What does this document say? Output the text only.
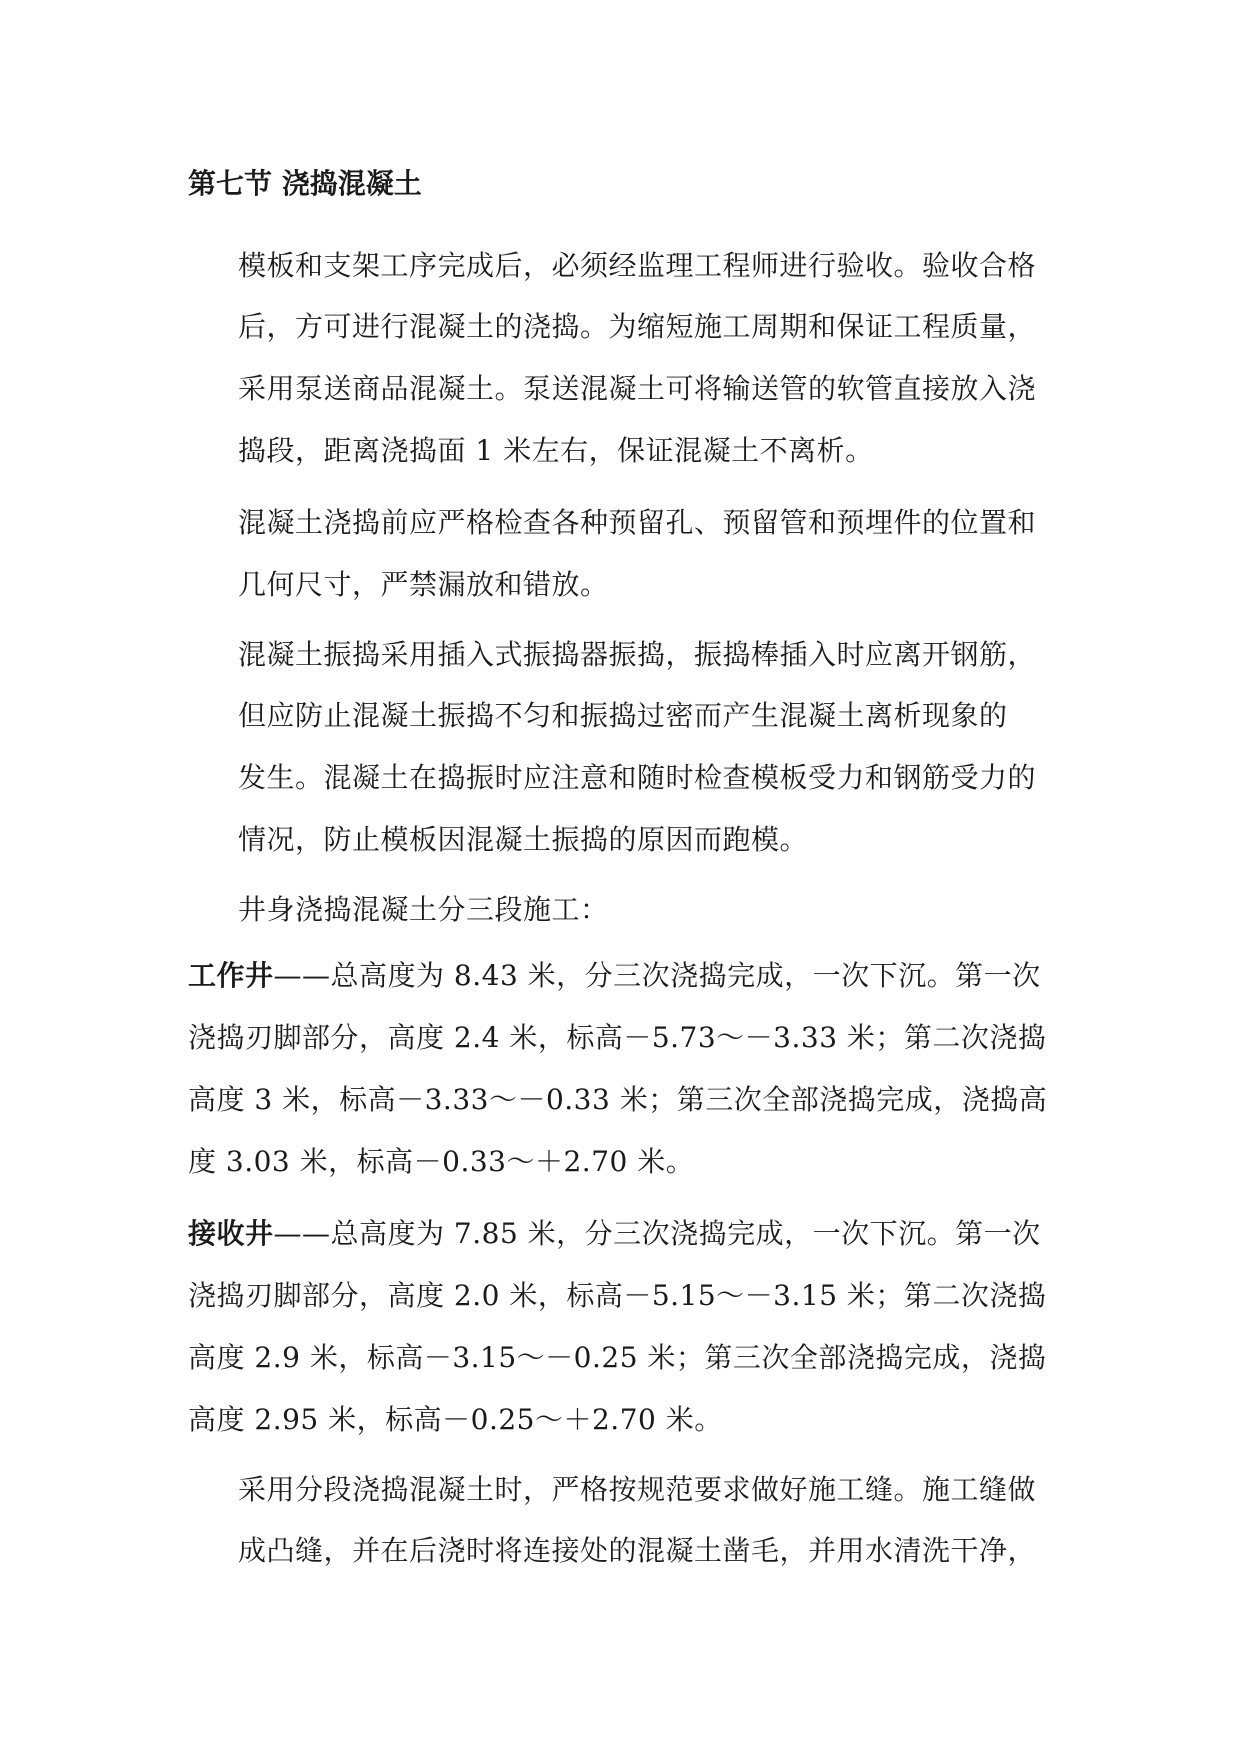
第七节 浇捣混凝土
模板和支架工序完成后，必须经监理工程师进行验收。验收合格
后，方可进行混凝土的浇捣。为缩短施工周期和保证工程质量，
采用泵送商品混凝土。泵送混凝土可将输送管的软管直接放入浇
捣段，距离浇捣面 1 米左右，保证混凝土不离析。
混凝土浇捣前应严格检查各种预留孔、预留管和预埋件的位置和
几何尺寸，严禁漏放和错放。
混凝土振捣采用插入式振捣器振捣，振捣棒插入时应离开钢筋，
但应防止混凝土振捣不匀和振捣过密而产生混凝土离析现象的
发生。混凝土在捣振时应注意和随时检查模板受力和钢筋受力的
情况，防止模板因混凝土振捣的原因而跑模。
井身浇捣混凝土分三段施工：
工作井——总高度为 8.43 米，分三次浇捣完成，一次下沉。第一次
浇捣刃脚部分，高度 2.4 米，标高－5.73～－3.33 米；第二次浇捣
高度 3 米，标高－3.33～－0.33 米；第三次全部浇捣完成，浇捣高
度 3.03 米，标高－0.33～＋2.70 米。
接收井——总高度为 7.85 米，分三次浇捣完成，一次下沉。第一次
浇捣刃脚部分，高度 2.0 米，标高－5.15～－3.15 米；第二次浇捣
高度 2.9 米，标高－3.15～－0.25 米；第三次全部浇捣完成，浇捣
高度 2.95 米，标高－0.25～＋2.70 米。
采用分段浇捣混凝土时，严格按规范要求做好施工缝。施工缝做
成凸缝，并在后浇时将连接处的混凝土凿毛，并用水清洗干净，
